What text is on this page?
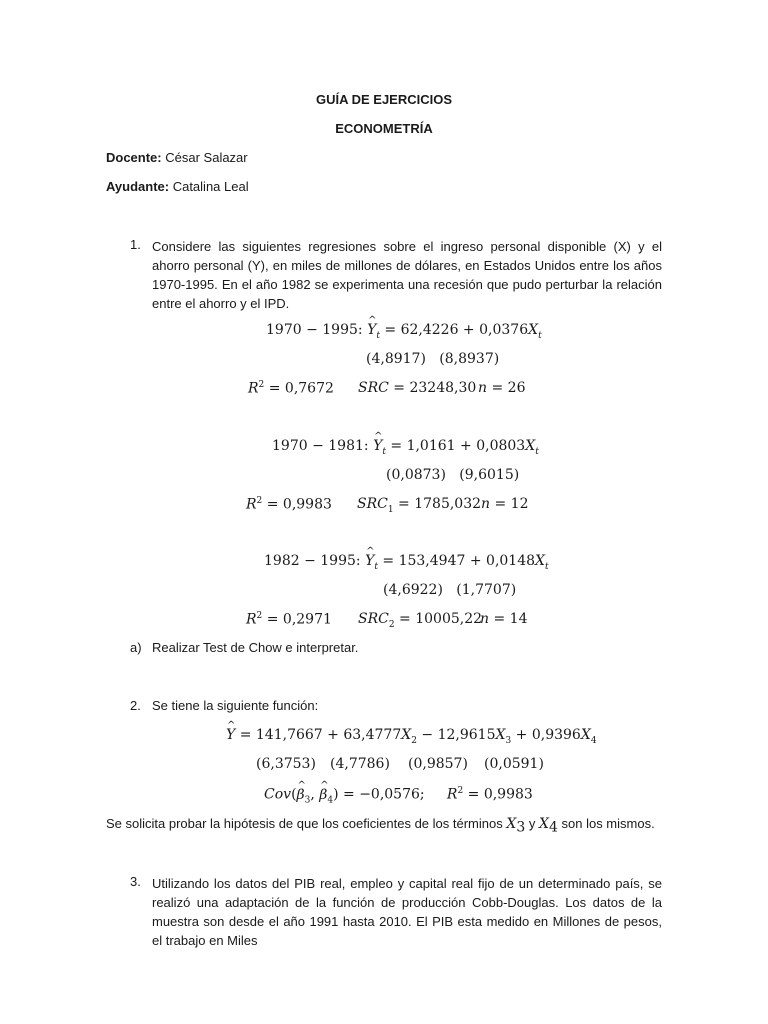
GUÍA DE EJERCICIOS
ECONOMETRÍA
Docente: César Salazar
Ayudante: Catalina Leal
1. Considere las siguientes regresiones sobre el ingreso personal disponible (X) y el ahorro personal (Y), en miles de millones de dólares, en Estados Unidos entre los años 1970-1995. En el año 1982 se experimenta una recesión que pudo perturbar la relación entre el ahorro y el IPD.
1970 − 1995: ^ $Y_t = 62,4226 + 0,0376X_t$
(4,8917) (8,8937)
$R^2 = 0,7672$ SRC = 23248,30 n = 26
1970 − 1981: ^ $Y_t = 1,0161 + 0,0803X_t$
(0,0873) (9,6015)
$R^2 = 0,9983$ $SRC_1 = 1785,032$ n = 12
1982 − 1995: ^ $Y_t = 153,4947 + 0,0148X_t$
(4,6922) (1,7707)
$R^2 = 0,2971$ $SRC_2 = 10005,22$
n = 14
a) Realizar Test de Chow e interpretar.
2. Se tiene la siguiente función:
^ $Y = 141,7667 + 63,4777X_2 - 12,9615X_3 + 0,9396X_4$
(6,3753) (4,7786) (0,9857) (0,0591)
Cov(^ $\beta_3$, ^ $\beta_4) = -0,0576$; $R^2 = 0,9983$
Se solicita probar la hipótesis de que los coeficientes de los términos $X_3$ y $X_4$ son los mismos.
3. Utilizando los datos del PIB real, empleo y capital real fijo de un determinado país, se realizó una adaptación de la función de producción Cobb-Douglas. Los datos de la muestra son desde el año 1991 hasta 2010. El PIB esta medido en Millones de pesos, el trabajo en Miles
